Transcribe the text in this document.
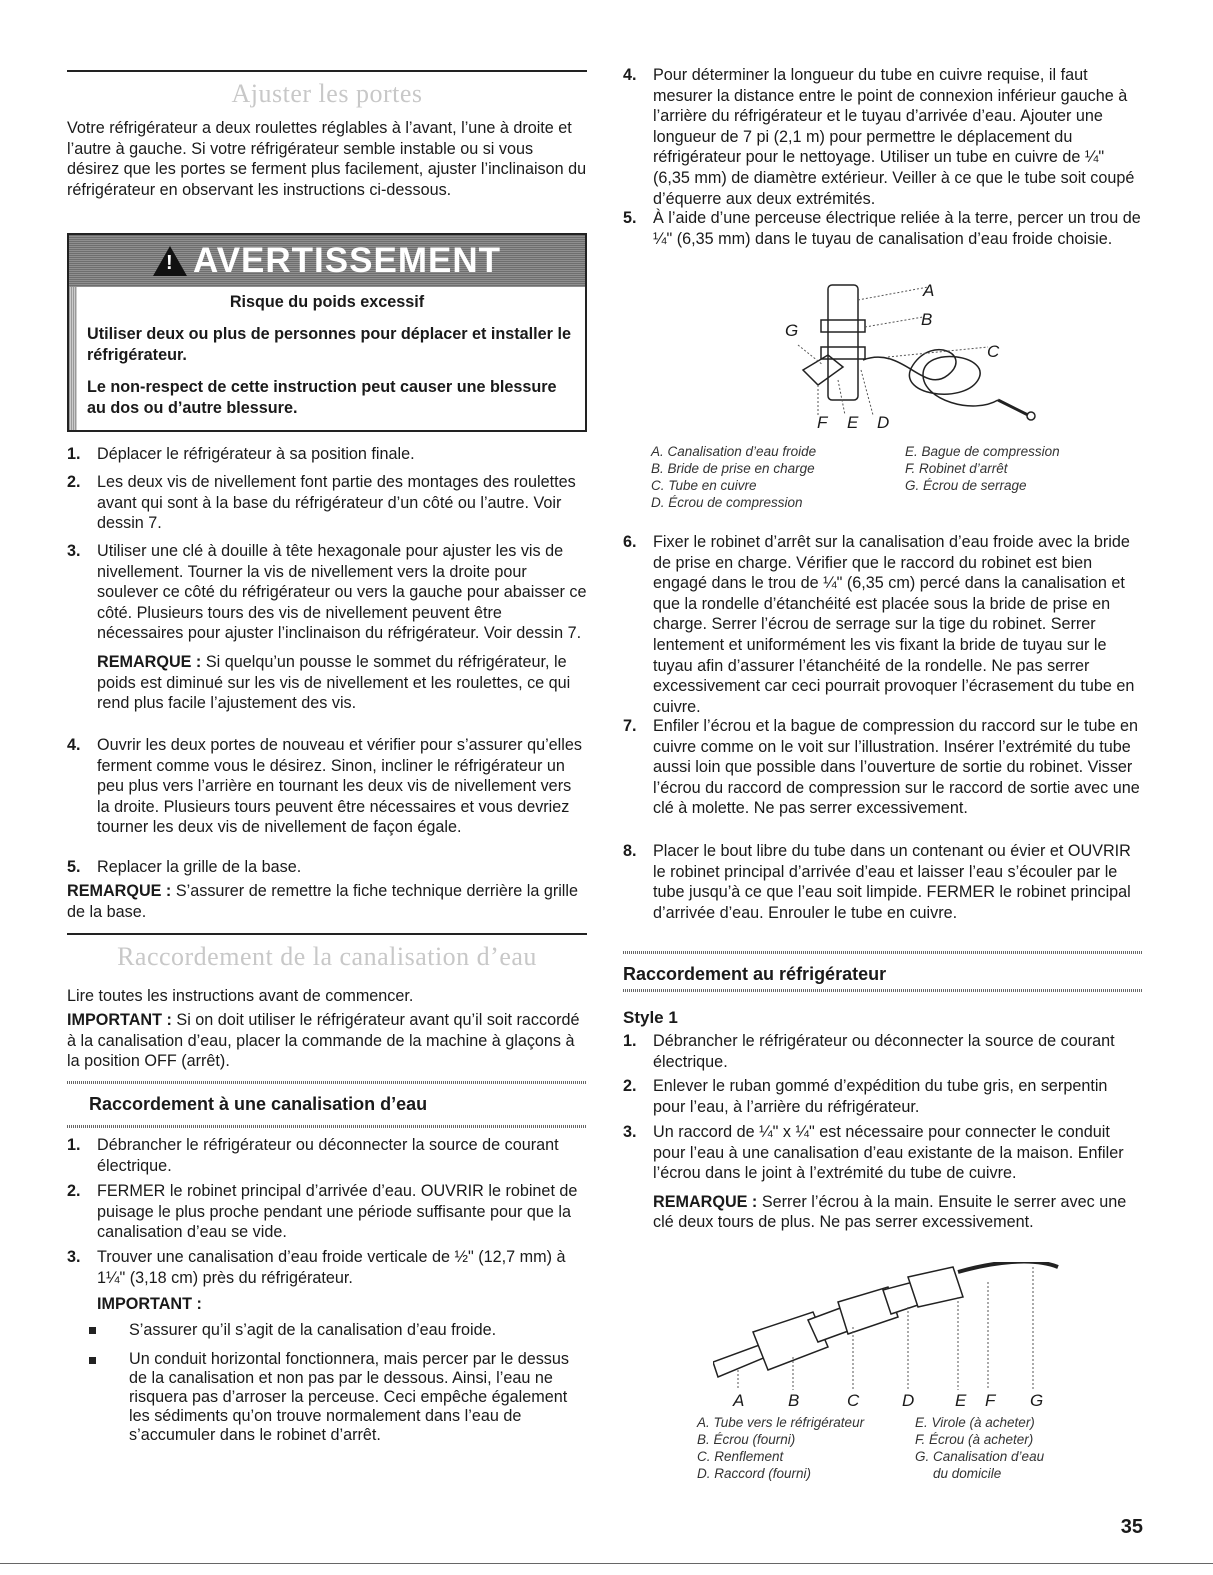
Ajuster les portes
Votre réfrigérateur a deux roulettes réglables à l’avant, l’une à droite et l’autre à gauche. Si votre réfrigérateur semble instable ou si vous désirez que les portes se ferment plus facilement, ajuster l’inclinaison du réfrigérateur en observant les instructions ci-dessous.
!
AVERTISSEMENT

Risque du poids excessif

Utiliser deux ou plus de personnes pour déplacer et installer le réfrigérateur.

Le non-respect de cette instruction peut causer une blessure au dos ou d’autre blessure.

1.	Déplacer le réfrigérateur à sa position finale.
2.	Les deux vis de nivellement font partie des montages des roulettes avant qui sont à la base du réfrigérateur d’un côté ou l’autre. Voir dessin 7.
3.	Utiliser une clé à douille à tête hexagonale pour ajuster les vis de nivellement. Tourner la vis de nivellement vers la droite pour soulever ce côté du réfrigérateur ou vers la gauche pour abaisser ce côté. Plusieurs tours des vis de nivellement peuvent être nécessaires pour ajuster l’inclinaison du réfrigérateur. Voir dessin 7.
REMARQUE : Si quelqu’un pousse le sommet du réfrigérateur, le poids est diminué sur les vis de nivellement et les roulettes, ce qui rend plus facile l’ajustement des vis.
4.	Ouvrir les deux portes de nouveau et vérifier pour s’assurer qu’elles ferment comme vous le désirez. Sinon, incliner le réfrigérateur un peu plus vers l’arrière en tournant les deux vis de nivellement vers la droite. Plusieurs tours peuvent être nécessaires et vous devriez tourner les deux vis de nivellement de façon égale.
5.	Replacer la grille de la base.
REMARQUE : S’assurer de remettre la fiche technique derrière la grille de la base.
Raccordement de la canalisation d’eau
Lire toutes les instructions avant de commencer.
IMPORTANT : Si on doit utiliser le réfrigérateur avant qu’il soit raccordé à la canalisation d’eau, placer la commande de la machine à glaçons à la position OFF (arrêt).
Raccordement à une canalisation d’eau
1.	Débrancher le réfrigérateur ou déconnecter la source de courant électrique.
2.	FERMER le robinet principal d’arrivée d’eau. OUVRIR le robinet de puisage le plus proche pendant une période suffisante pour que la canalisation d’eau se vide.
3.	Trouver une canalisation d’eau froide verticale de ½" (12,7 mm) à 1¼" (3,18 cm) près du réfrigérateur.
IMPORTANT :
S’assurer qu’il s’agit de la canalisation d’eau froide.
Un conduit horizontal fonctionnera, mais percer par le dessus de la canalisation et non pas par le dessous. Ainsi, l’eau ne risquera pas d’arroser la perceuse. Ceci empêche également les sédiments qu’on trouve normalement dans l’eau de s’accumuler dans le robinet d’arrêt.
4.	Pour déterminer la longueur du tube en cuivre requise, il faut mesurer la distance entre le point de connexion inférieur gauche à l’arrière du réfrigérateur et le tuyau d’arrivée d’eau. Ajouter une longueur de 7 pi (2,1 m) pour permettre le déplacement du réfrigérateur pour le nettoyage. Utiliser un tube en cuivre de ¼" (6,35 mm) de diamètre extérieur. Veiller à ce que le tube soit coupé d’équerre aux deux extrémités.
5.	À l’aide d’une perceuse électrique reliée à la terre, percer un trou de ¼" (6,35 mm) dans le tuyau de canalisation d’eau froide choisie.
A
B
G
C
F E D
A. Canalisation d’eau froide
B. Bride de prise en charge
C. Tube en cuivre
D. Écrou de compression
E. Bague de compression
F. Robinet d’arrêt
G. Écrou de serrage
6.	Fixer le robinet d’arrêt sur la canalisation d’eau froide avec la bride de prise en charge. Vérifier que le raccord du robinet est bien engagé dans le trou de ¼" (6,35 cm) percé dans la canalisation et que la rondelle d’étanchéité est placée sous la bride de prise en charge. Serrer l’écrou de serrage sur la tige du robinet. Serrer lentement et uniformément les vis fixant la bride de tuyau sur le tuyau afin d’assurer l’étanchéité de la rondelle. Ne pas serrer excessivement car ceci pourrait provoquer l’écrasement du tube en cuivre.
7.	Enfiler l’écrou et la bague de compression du raccord sur le tube en cuivre comme on le voit sur l’illustration. Insérer l’extrémité du tube aussi loin que possible dans l’ouverture de sortie du robinet. Visser l’écrou du raccord de compression sur le raccord de sortie avec une clé à molette. Ne pas serrer excessivement.
8.	Placer le bout libre du tube dans un contenant ou évier et OUVRIR le robinet principal d’arrivée d’eau et laisser l’eau s’écouler par le tube jusqu’à ce que l’eau soit limpide. FERMER le robinet principal d’arrivée d’eau. Enrouler le tube en cuivre.
Raccordement au réfrigérateur
Style 1
1.	Débrancher le réfrigérateur ou déconnecter la source de courant électrique.
2.	Enlever le ruban gommé d’expédition du tube gris, en serpentin pour l’eau, à l’arrière du réfrigérateur.
3.	Un raccord de ¼" x ¼" est nécessaire pour connecter le conduit pour l’eau à une canalisation d’eau existante de la maison. Enfiler l’écrou dans le joint à l’extrémité du tube de cuivre.
REMARQUE : Serrer l’écrou à la main. Ensuite le serrer avec une clé deux tours de plus. Ne pas serrer excessivement.
A	B	C	D E F G
A. Tube vers le réfrigérateur
B. Écrou (fourni)
C. Renflement
D. Raccord (fourni)
E. Virole (à acheter)
F. Écrou (à acheter)
G. Canalisation d’eau
du domicile
35
